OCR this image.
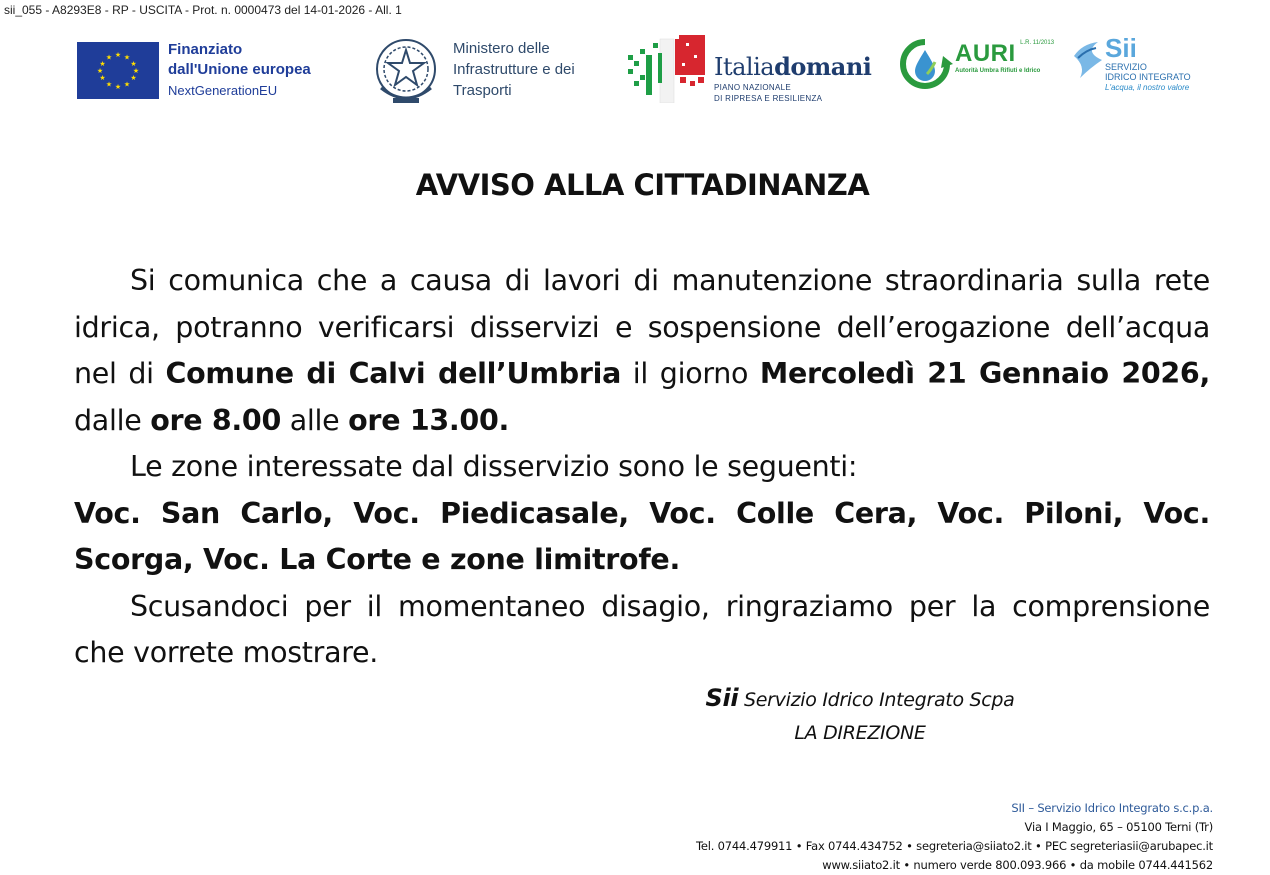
sii_055 - A8293E8 - RP - USCITA - Prot. n. 0000473 del 14-01-2026 - All. 1
★ ★
★
★
★
★
★
★
★
★
★
★	Finanziato
dall'Unione europea
NextGenerationEU
Ministero delle
Infrastrutture e dei
Trasporti
Italiadomani
PIANO NAZIONALE
DI RIPRESA E RESILIENZA
AURI $^{L.R. 11/2013}$
Autorità Umbra Rifiuti e Idrico
Sii
SERVIZIO
IDRICO INTEGRATO
L'acqua, il nostro valore
AVVISO ALLA CITTADINANZA

Si comunica che a causa di lavori di manutenzione straordinaria sulla rete idrica, potranno verificarsi disservizi e sospensione dell’erogazione dell’acqua nel di Comune di Calvi dell’Umbria il giorno Mercoledì 21 Gennaio 2026, dalle ore 8.00 alle ore 13.00.

Le zone interessate dal disservizio sono le seguenti:

Voc. San Carlo, Voc. Piedicasale, Voc. Colle Cera, Voc. Piloni, Voc. Scorga, Voc. La Corte e zone limitrofe.

Scusandoci per il momentaneo disagio, ringraziamo per la comprensione che vorrete mostrare.

Sii Servizio Idrico Integrato Scpa
LA DIREZIONE
SII – Servizio Idrico Integrato s.c.p.a.
Via I Maggio, 65 – 05100 Terni (Tr)
Tel. 0744.479911 • Fax 0744.434752 • segreteria@siiato2.it • PEC segreteriasii@arubapec.it
www.siiato2.it • numero verde 800.093.966 • da mobile 0744.441562
